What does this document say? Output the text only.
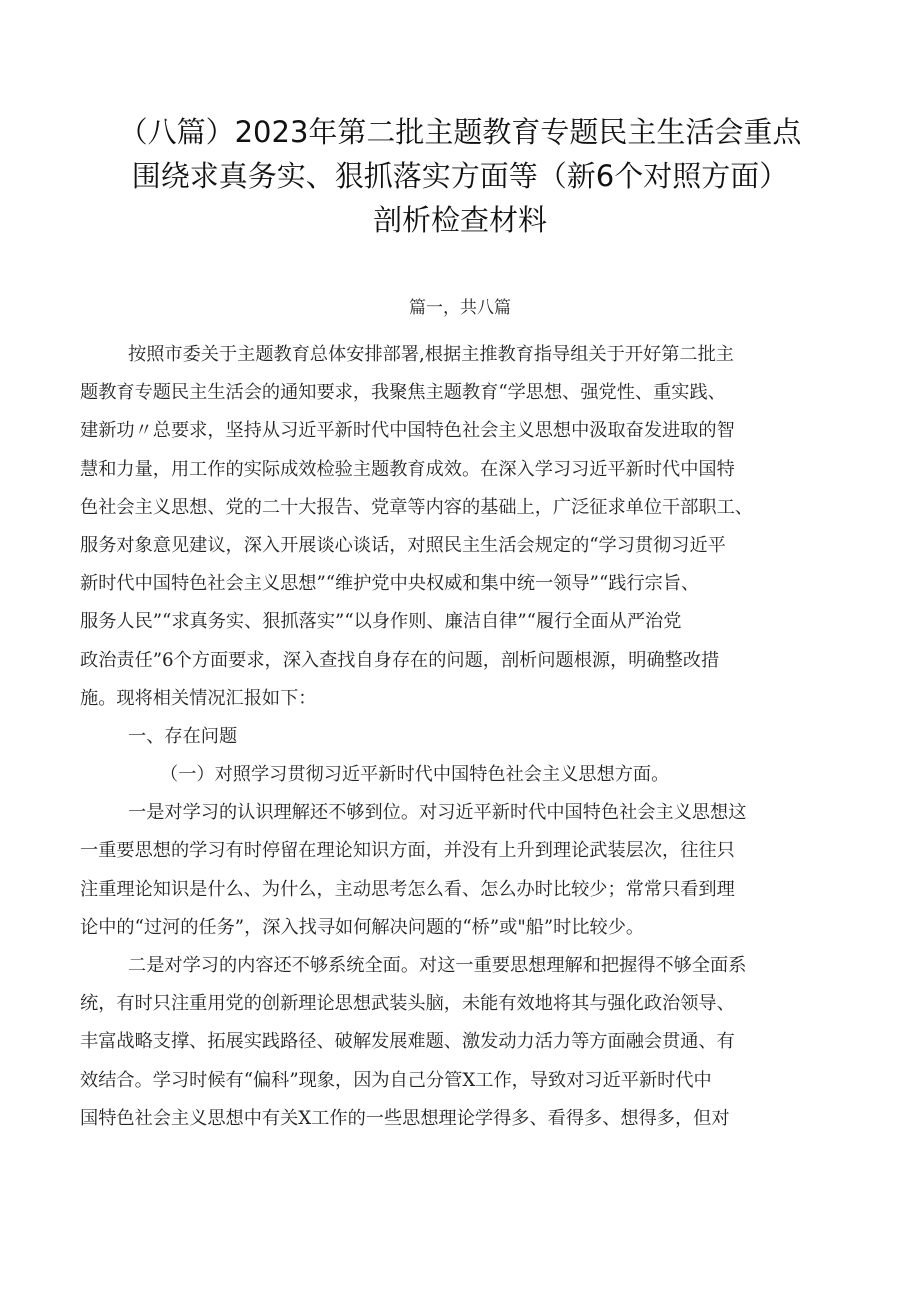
（八篇）2023年第二批主题教育专题民主生活会重点
围绕求真务实、狠抓落实方面等（新6个对照方面）
剖析检查材料
篇一，共八篇

按照市委关于主题教育总体安排部署,根据主推教育指导组关于开好第二批主
题教育专题民主生活会的通知要求，我聚焦主题教育“学思想、强党性、重实践、
建新功〃总要求，坚持从习近平新时代中国特色社会主义思想中汲取奋发进取的智
慧和力量，用工作的实际成效检验主题教育成效。在深入学习习近平新时代中国特
色社会主义思想、党的二十大报告、党章等内容的基础上，广泛征求单位干部职工、
服务对象意见建议，深入开展谈心谈话，对照民主生活会规定的“学习贯彻习近平
新时代中国特色社会主义思想”“维护党中央权威和集中统一领导”“践行宗旨、
服务人民”“求真务实、狠抓落实”“以身作则、廉洁自律”“履行全面从严治党
政治责任”6个方面要求，深入查找自身存在的问题，剖析问题根源，明确整改措
施。现将相关情况汇报如下：

一、存在问题

（一）对照学习贯彻习近平新时代中国特色社会主义思想方面。

一是对学习的认识理解还不够到位。对习近平新时代中国特色社会主义思想这
一重要思想的学习有时停留在理论知识方面，并没有上升到理论武装层次，往往只
注重理论知识是什么、为什么，主动思考怎么看、怎么办时比较少；常常只看到理
论中的“过河的任务”，深入找寻如何解决问题的“桥”或"船”时比较少。

二是对学习的内容还不够系统全面。对这一重要思想理解和把握得不够全面系
统，有时只注重用党的创新理论思想武装头脑，未能有效地将其与强化政治领导、
丰富战略支撑、拓展实践路径、破解发展难题、激发动力活力等方面融会贯通、有
效结合。学习时候有“偏科”现象，因为自己分管X工作，导致对习近平新时代中
国特色社会主义思想中有关X工作的一些思想理论学得多、看得多、想得多，但对
